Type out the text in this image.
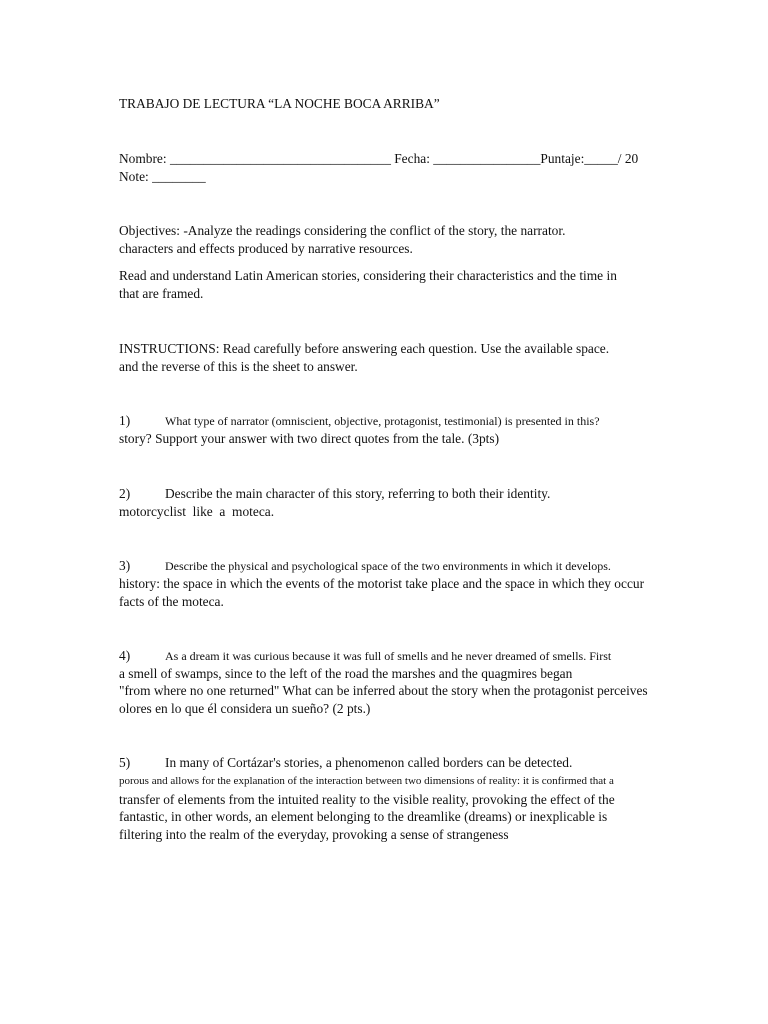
TRABAJO DE LECTURA “LA NOCHE BOCA ARRIBA”
Nombre: _________________________________ Fecha: ________________Puntaje:_____/ 20
Note: ________
Objectives: -Analyze the readings considering the conflict of the story, the narrator.
characters and effects produced by narrative resources.
Read and understand Latin American stories, considering their characteristics and the time in
that are framed.
INSTRUCTIONS: Read carefully before answering each question. Use the available space.
and the reverse of this is the sheet to answer.
1)	What type of narrator (omniscient, objective, protagonist, testimonial) is presented in this?
story? Support your answer with two direct quotes from the tale. (3pts)
2)	Describe the main character of this story, referring to both their identity.
motorcyclist  like  a  moteca.
3)	Describe the physical and psychological space of the two environments in which it develops.
history: the space in which the events of the motorist take place and the space in which they occur
facts of the moteca.
4)	As a dream it was curious because it was full of smells and he never dreamed of smells. First
a smell of swamps, since to the left of the road the marshes and the quagmires began
"from where no one returned" What can be inferred about the story when the protagonist perceives
olores en lo que él considera un sueño? (2 pts.)
5)	In many of Cortázar's stories, a phenomenon called borders can be detected.
porous and allows for the explanation of the interaction between two dimensions of reality: it is confirmed that a
transfer of elements from the intuited reality to the visible reality, provoking the effect of the
fantastic, in other words, an element belonging to the dreamlike (dreams) or inexplicable is
filtering into the realm of the everyday, provoking a sense of strangeness
